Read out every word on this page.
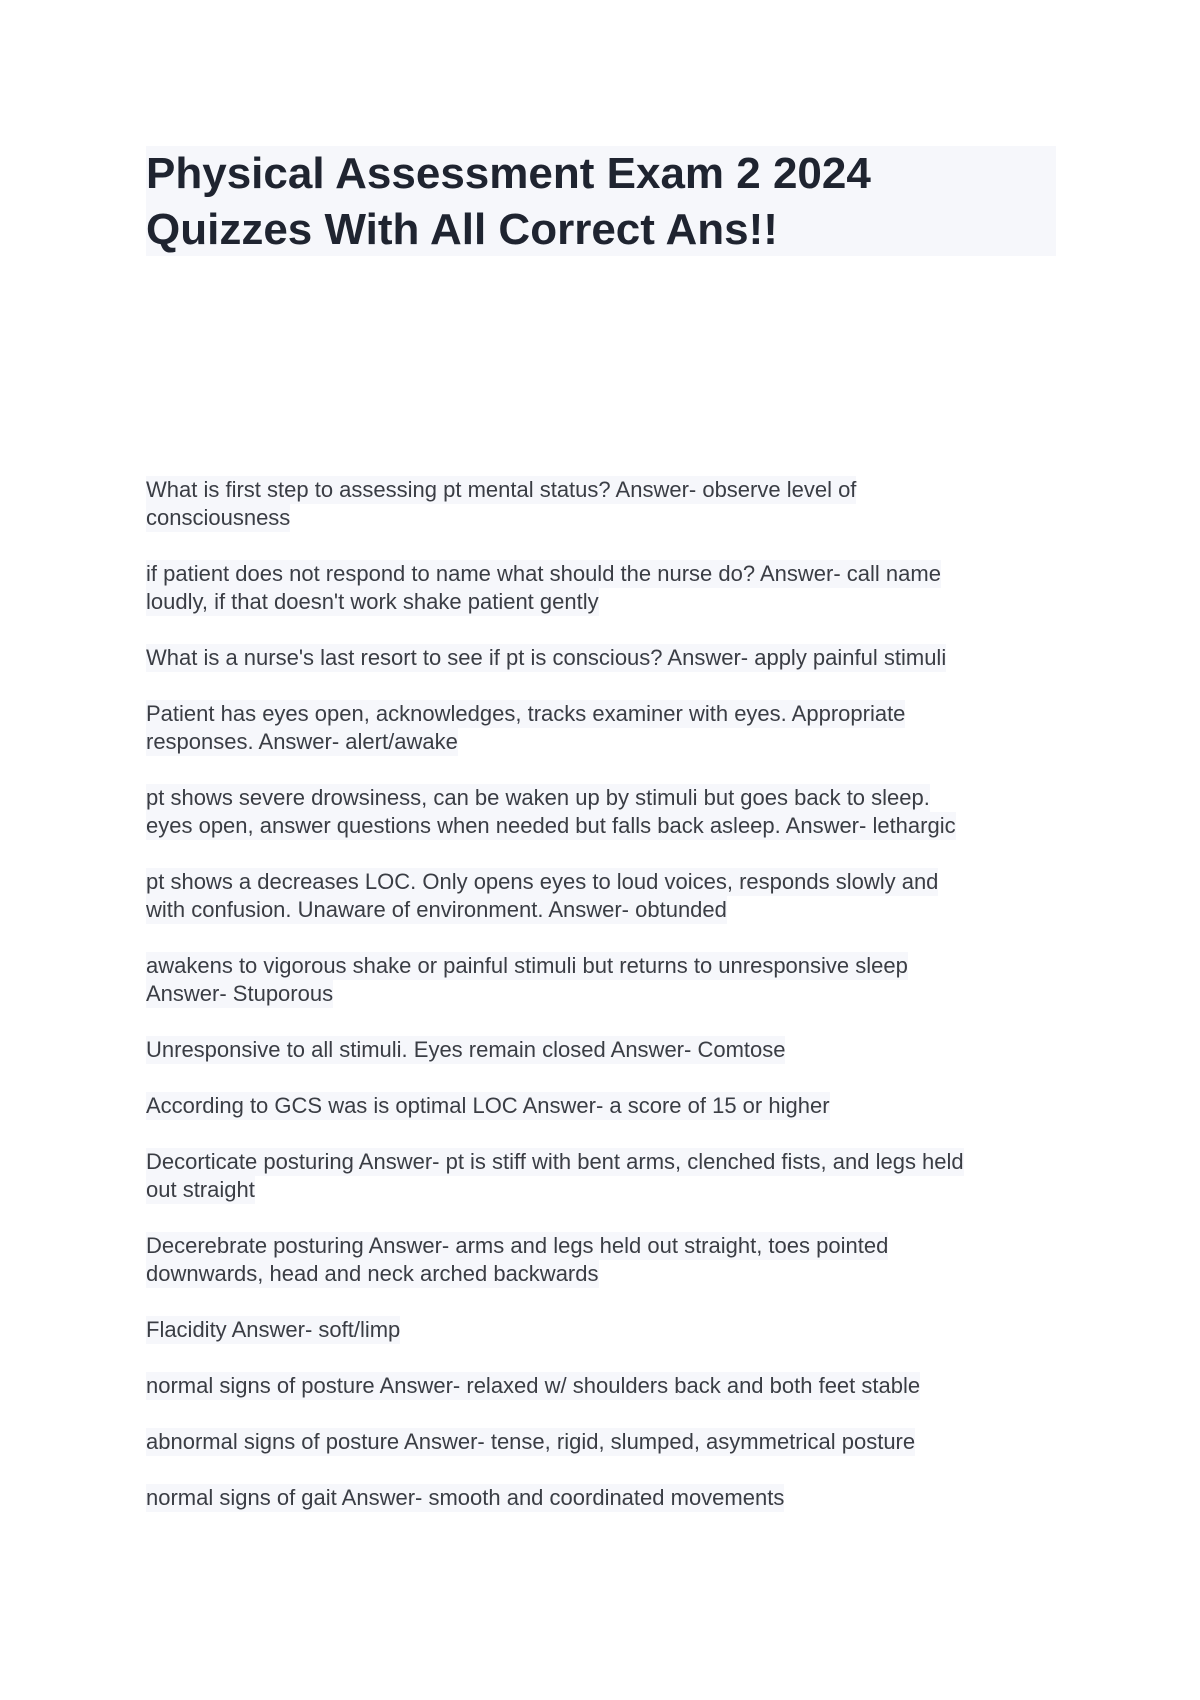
Physical Assessment Exam 2 2024
Quizzes With All Correct Ans!!
What is first step to assessing pt mental status? Answer- observe level of
consciousness
if patient does not respond to name what should the nurse do? Answer- call name
loudly, if that doesn't work shake patient gently
What is a nurse's last resort to see if pt is conscious? Answer- apply painful stimuli
Patient has eyes open, acknowledges, tracks examiner with eyes. Appropriate
responses. Answer- alert/awake
pt shows severe drowsiness, can be waken up by stimuli but goes back to sleep.
eyes open, answer questions when needed but falls back asleep. Answer- lethargic
pt shows a decreases LOC. Only opens eyes to loud voices, responds slowly and
with confusion. Unaware of environment. Answer- obtunded
awakens to vigorous shake or painful stimuli but returns to unresponsive sleep
Answer- Stuporous
Unresponsive to all stimuli. Eyes remain closed Answer- Comtose
According to GCS was is optimal LOC Answer- a score of 15 or higher
Decorticate posturing Answer- pt is stiff with bent arms, clenched fists, and legs held
out straight
Decerebrate posturing Answer- arms and legs held out straight, toes pointed
downwards, head and neck arched backwards
Flacidity Answer- soft/limp
normal signs of posture Answer- relaxed w/ shoulders back and both feet stable
abnormal signs of posture Answer- tense, rigid, slumped, asymmetrical posture
normal signs of gait Answer- smooth and coordinated movements
